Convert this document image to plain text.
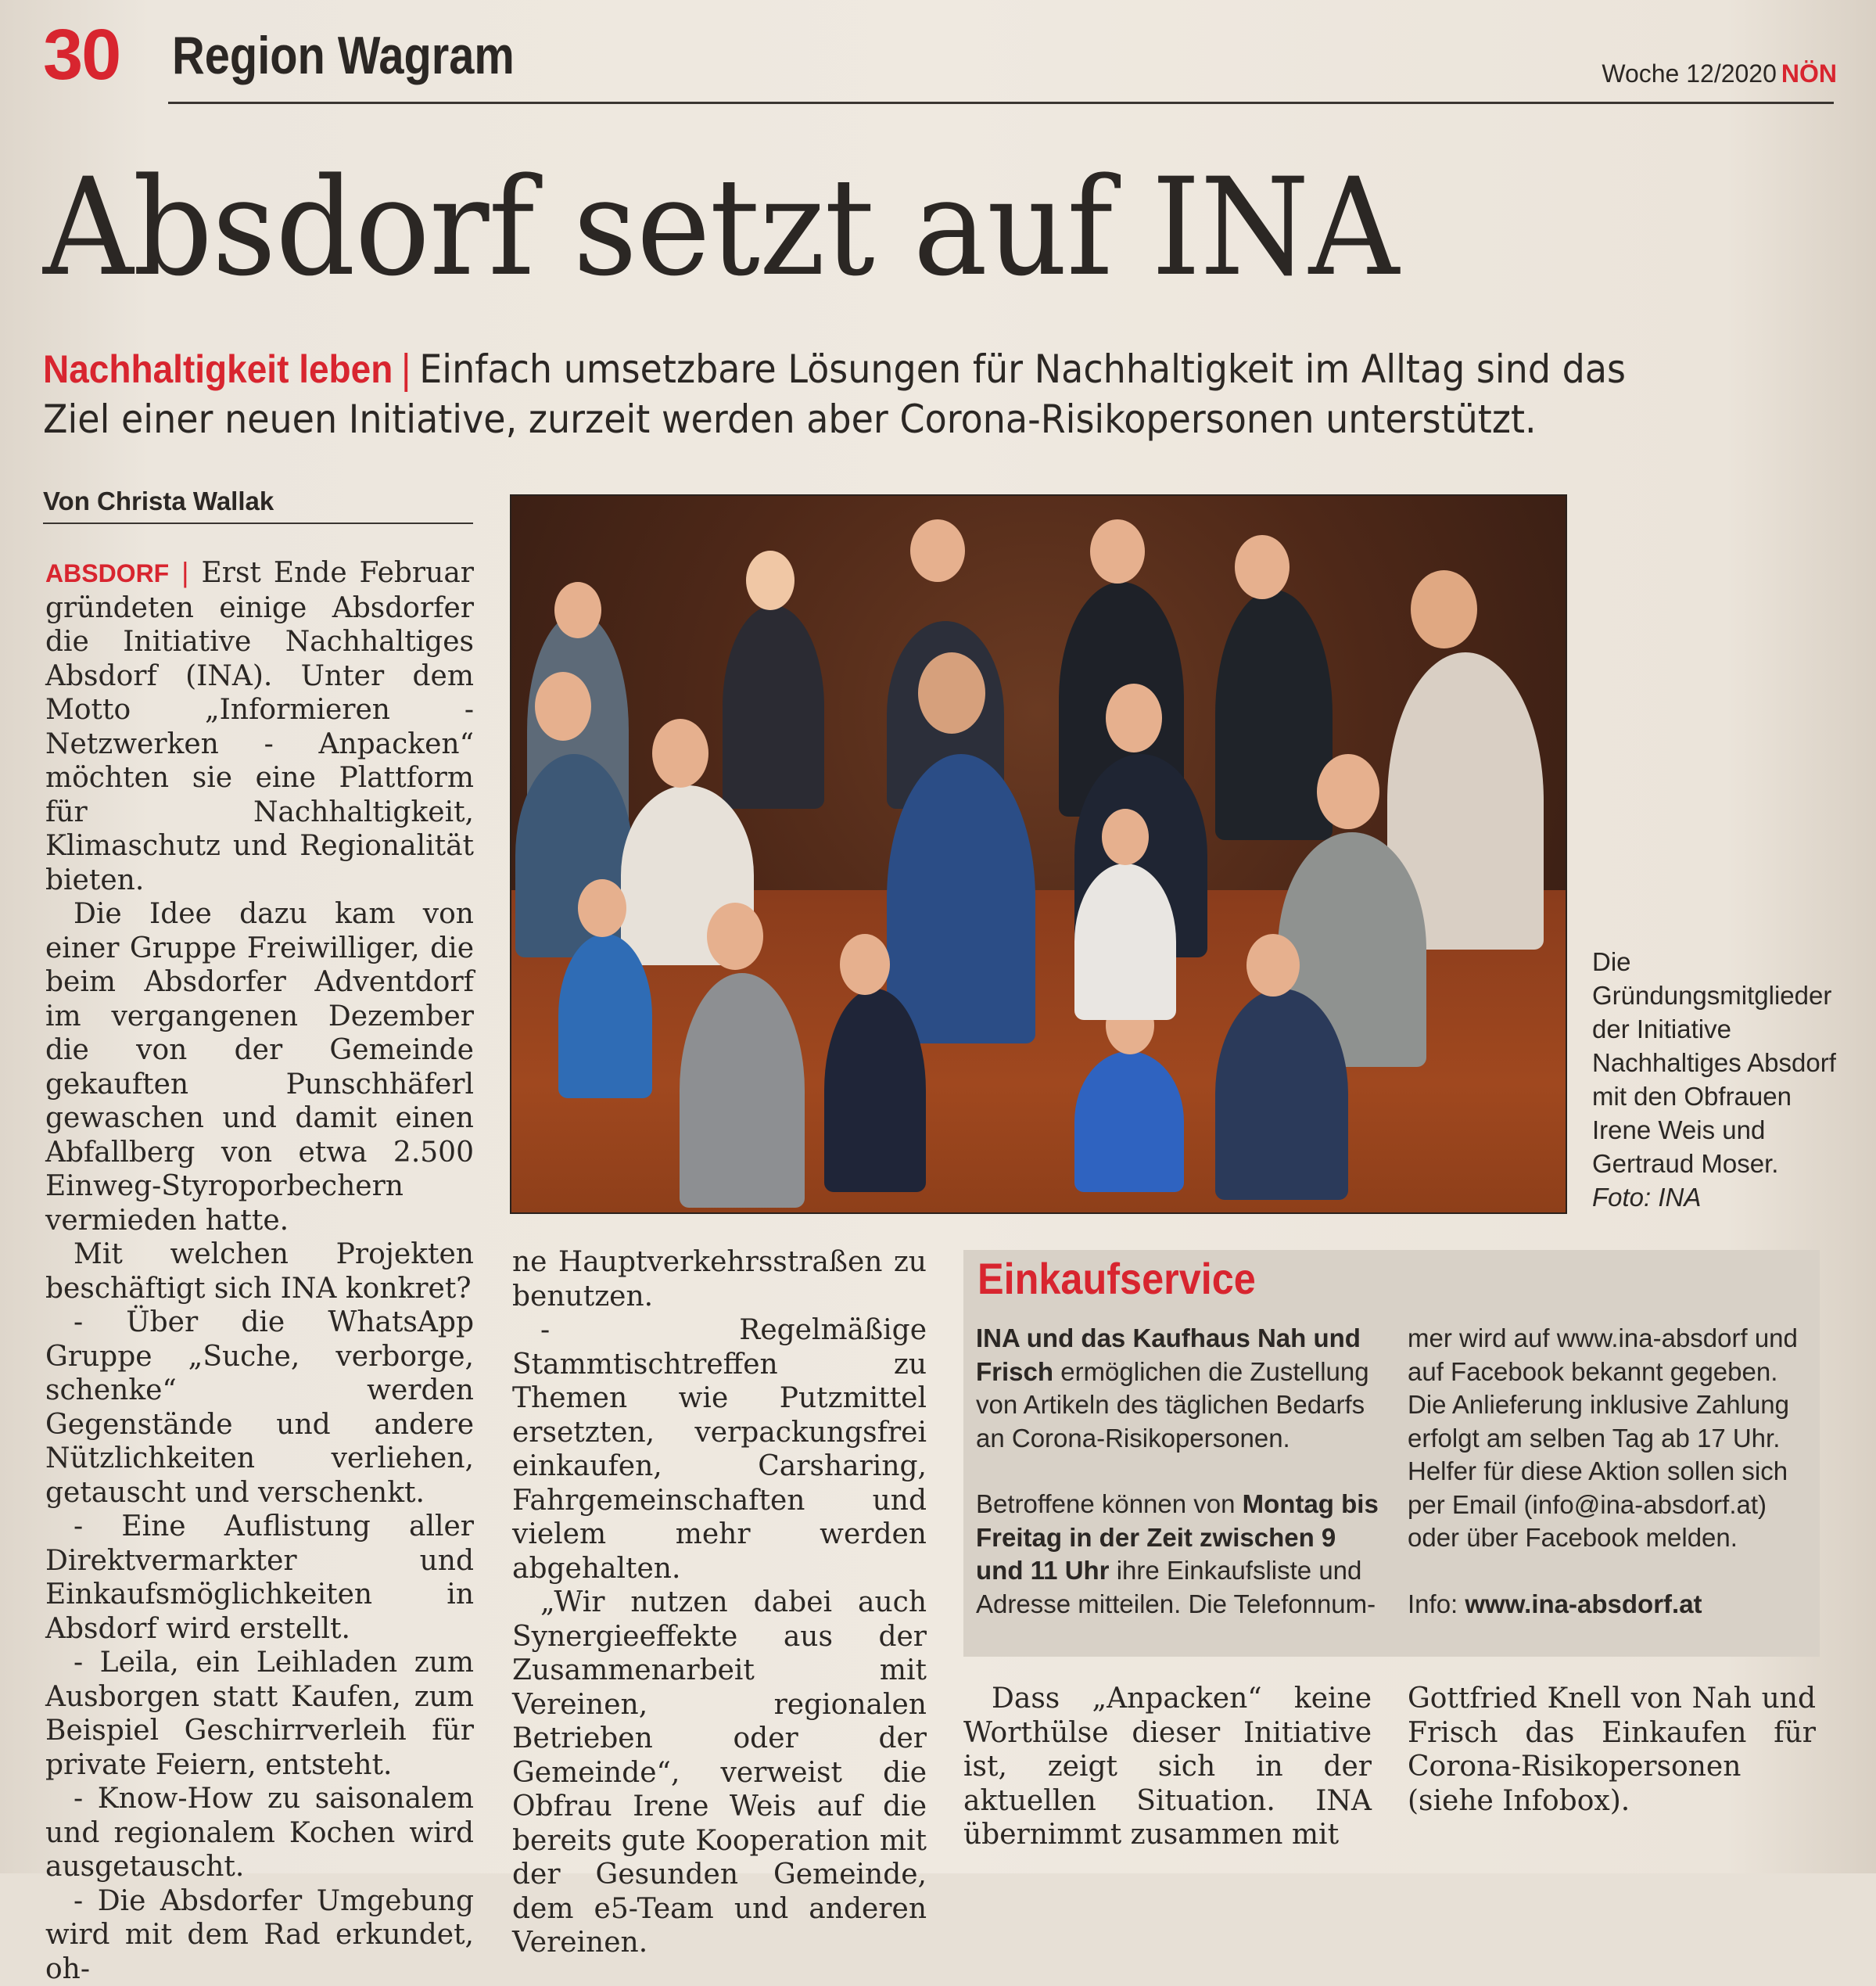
30 Region Wagram	Woche 12/2020 NÖN
Absdorf setzt auf INA
Nachhaltigkeit leben | Einfach umsetzbare Lösungen für Nachhaltigkeit im Alltag sind das Ziel einer neuen Initiative, zurzeit werden aber Corona-Risikopersonen unterstützt.
Von Christa Wallak

ABSDORF | Erst Ende Februar gründeten einige Absdorfer die Initiative Nachhaltiges Absdorf (INA). Unter dem Motto „Informieren - Netzwerken - Anpacken“ möchten sie eine Plattform für Nachhaltigkeit, Klimaschutz und Regionalität bieten.

Die Idee dazu kam von einer Gruppe Freiwilliger, die beim Absdorfer Adventdorf im vergangenen Dezember die von der Gemeinde gekauften Punschhäferl gewaschen und damit einen Abfallberg von etwa 2.500 Einweg-Styroporbechern vermieden hatte.

Mit welchen Projekten beschäftigt sich INA konkret?

- Über die WhatsApp Gruppe „Suche, verborge, schenke“ werden Gegenstände und andere Nützlichkeiten verliehen, getauscht und verschenkt.

- Eine Auflistung aller Direktvermarkter und Einkaufsmöglichkeiten in Absdorf wird erstellt.

- Leila, ein Leihladen zum Ausborgen statt Kaufen, zum Beispiel Geschirrverleih für private Feiern, entsteht.

- Know-How zu saisonalem und regionalem Kochen wird ausgetauscht.

- Die Absdorfer Umgebung wird mit dem Rad erkundet, oh-

Die Gründungsmitglieder der Initiative Nachhaltiges Absdorf mit den Obfrauen Irene Weis und Gertraud Moser.
Foto: INA

ne Hauptverkehrsstraßen zu benutzen.

- Regelmäßige Stammtischtreffen zu Themen wie Putzmittel ersetzten, verpackungsfrei einkaufen, Carsharing, Fahrgemeinschaften und vielem mehr werden abgehalten.

„Wir nutzen dabei auch Synergieeffekte aus der Zusammenarbeit mit Vereinen, regionalen Betrieben oder der Gemeinde“, verweist die Obfrau Irene Weis auf die bereits gute Kooperation mit der Gesunden Gemeinde, dem e5-Team und anderen Vereinen.

Einkaufservice

INA und das Kaufhaus Nah und Frisch ermöglichen die Zustellung von Artikeln des täglichen Bedarfs an Corona-Risikopersonen.

Betroffene können von Montag bis Freitag in der Zeit zwischen 9 und 11 Uhr ihre Einkaufsliste und Adresse mitteilen. Die Telefonnum-

mer wird auf www.ina-absdorf und auf Facebook bekannt gegeben. Die Anlieferung inklusive Zahlung erfolgt am selben Tag ab 17 Uhr. Helfer für diese Aktion sollen sich per Email (info@ina-absdorf.at) oder über Facebook melden.

Info: www.ina-absdorf.at

Dass „Anpacken“ keine Worthülse dieser Initiative ist, zeigt sich in der aktuellen Situation. INA übernimmt zusammen mit

Gottfried Knell von Nah und Frisch das Einkaufen für Corona-Risikopersonen (siehe Infobox).
